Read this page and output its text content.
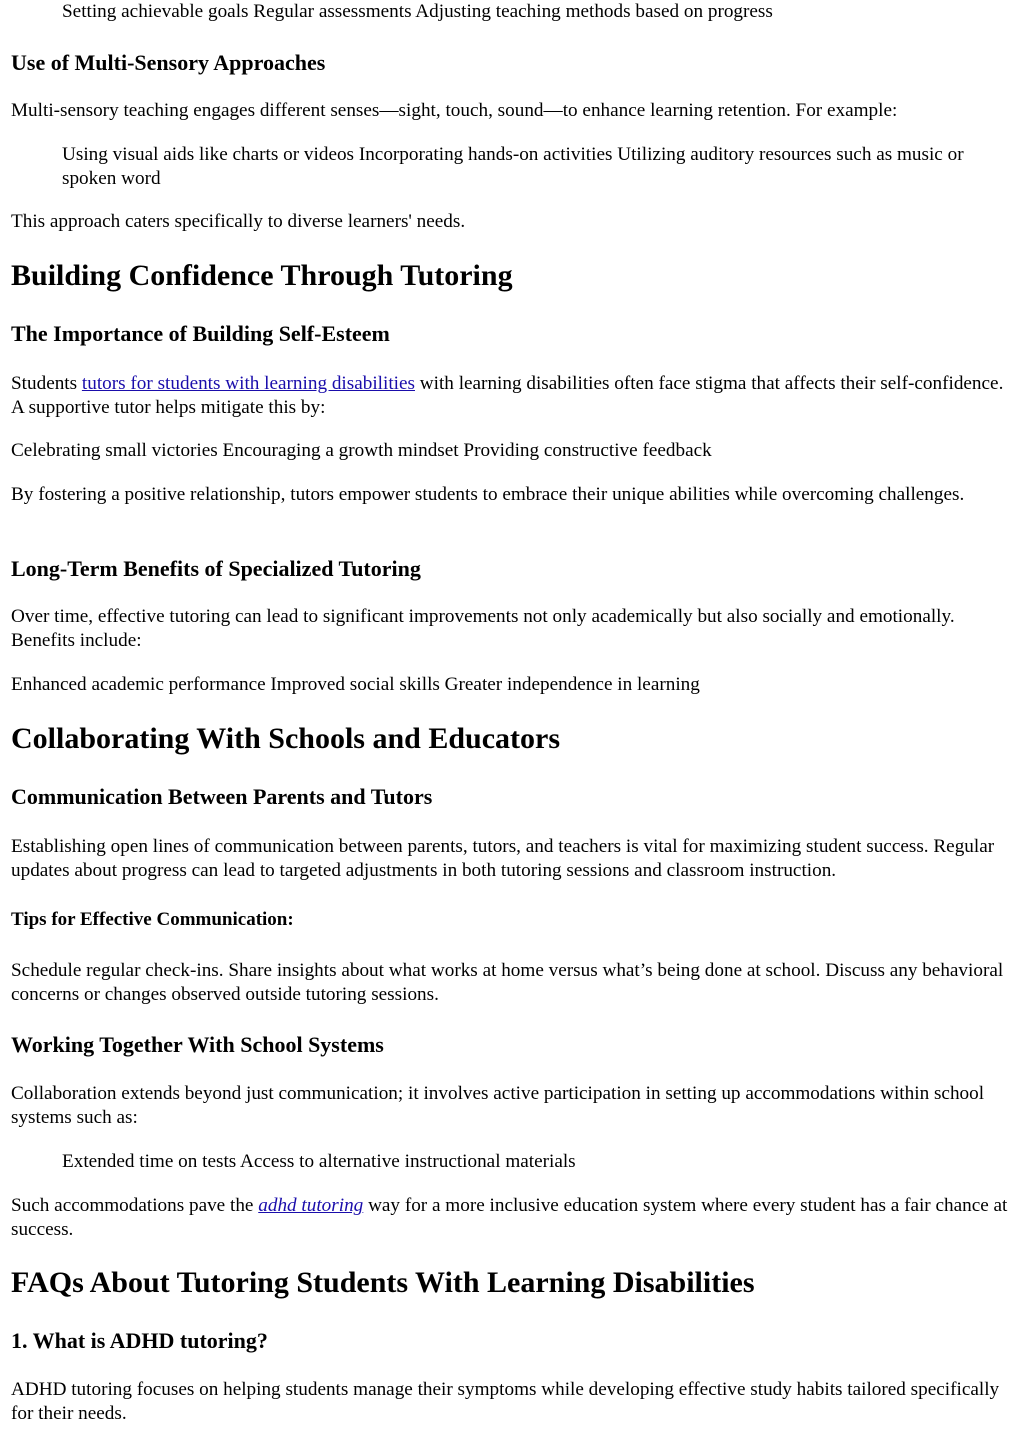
Setting achievable goals Regular assessments Adjusting teaching methods based on progress

Use of Multi-Sensory Approaches

Multi-sensory teaching engages different senses—sight, touch, sound—to enhance learning retention. For example:

Using visual aids like charts or videos Incorporating hands-on activities Utilizing auditory resources such as music or spoken word

This approach caters specifically to diverse learners' needs.

Building Confidence Through Tutoring
The Importance of Building Self-Esteem

Students tutors for students with learning disabilities with learning disabilities often face stigma that affects their self-confidence. A supportive tutor helps mitigate this by:

Celebrating small victories Encouraging a growth mindset Providing constructive feedback

By fostering a positive relationship, tutors empower students to embrace their unique abilities while overcoming challenges.

Long-Term Benefits of Specialized Tutoring

Over time, effective tutoring can lead to significant improvements not only academically but also socially and emotionally. Benefits include:

Enhanced academic performance Improved social skills Greater independence in learning

Collaborating With Schools and Educators
Communication Between Parents and Tutors

Establishing open lines of communication between parents, tutors, and teachers is vital for maximizing student success. Regular updates about progress can lead to targeted adjustments in both tutoring sessions and classroom instruction.

Tips for Effective Communication:

Schedule regular check-ins. Share insights about what works at home versus what’s being done at school. Discuss any behavioral concerns or changes observed outside tutoring sessions.

Working Together With School Systems

Collaboration extends beyond just communication; it involves active participation in setting up accommodations within school systems such as:

Extended time on tests Access to alternative instructional materials

Such accommodations pave the adhd tutoring way for a more inclusive education system where every student has a fair chance at success.

FAQs About Tutoring Students With Learning Disabilities
1. What is ADHD tutoring?

ADHD tutoring focuses on helping students manage their symptoms while developing effective study habits tailored specifically for their needs.
